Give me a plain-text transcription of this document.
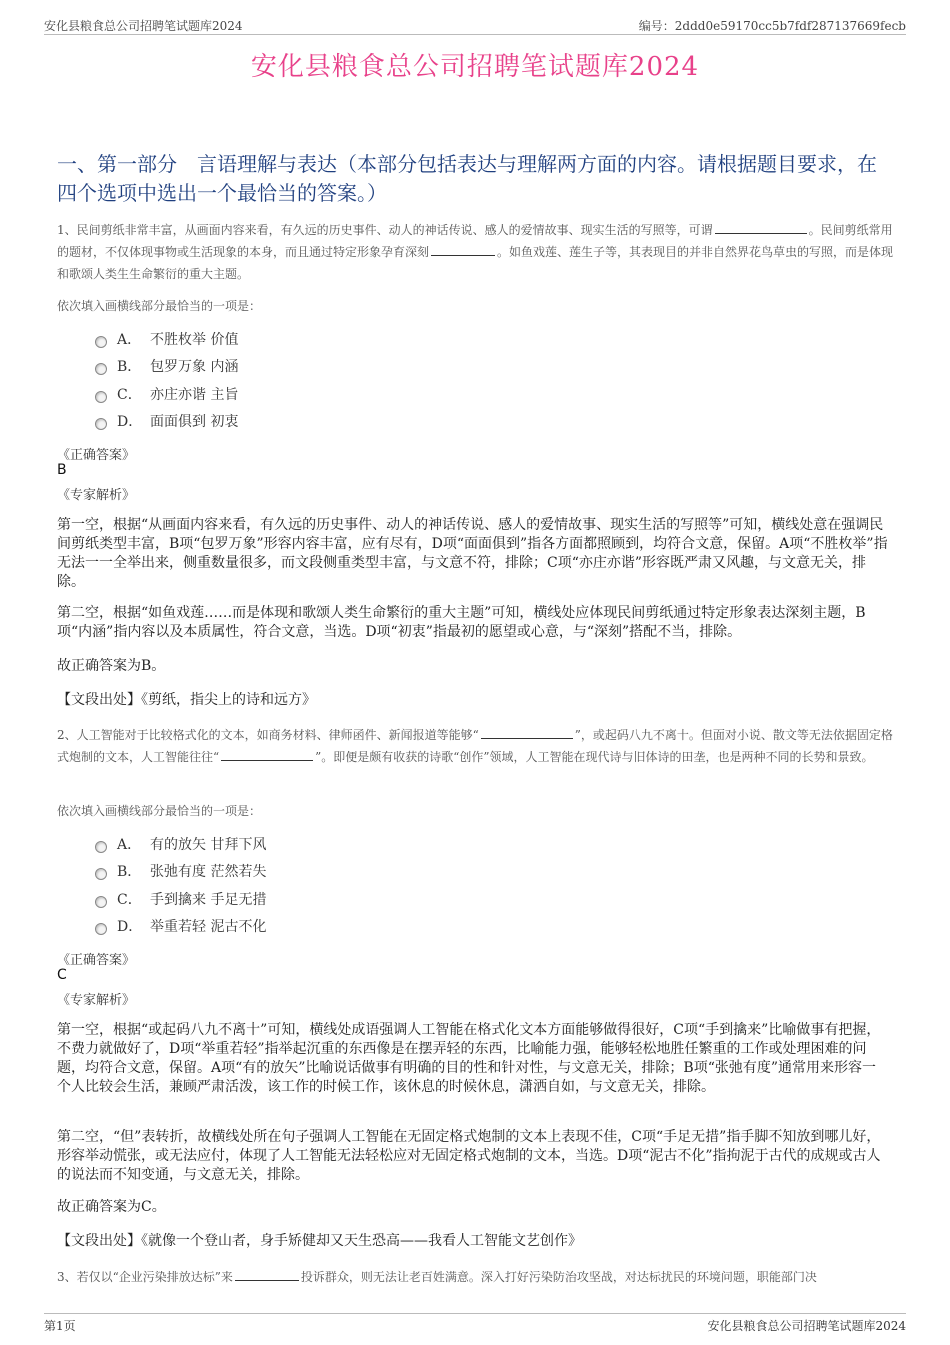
安化县粮食总公司招聘笔试题库2024	编号：2ddd0e59170cc5b7fdf287137669fecb
安化县粮食总公司招聘笔试题库2024
一、第一部分　言语理解与表达（本部分包括表达与理解两方面的内容。请根据题目要求，在四个选项中选出一个最恰当的答案。）
1、民间剪纸非常丰富，从画面内容来看，有久远的历史事件、动人的神话传说、感人的爱情故事、现实生活的写照等，可谓	。民间剪纸常用的题材，不仅体现事物或生活现象的本身，而且通过特定形象孕育深刻	。如鱼戏莲、莲生子等，其表现目的并非自然界花鸟草虫的写照，而是体现和歌颂人类生生命繁衍的重大主题。
依次填入画横线部分最恰当的一项是：
A． 不胜枚举 价值
B． 包罗万象 内涵
C． 亦庄亦谐 主旨
D． 面面俱到 初衷
《正确答案》
B
《专家解析》
第一空，根据“从画面内容来看，有久远的历史事件、动人的神话传说、感人的爱情故事、现实生活的写照等”可知，横线处意在强调民间剪纸类型丰富，B项“包罗万象”形容内容丰富，应有尽有，D项“面面俱到”指各方面都照顾到，均符合文意，保留。A项“不胜枚举”指无法一一全举出来，侧重数量很多，而文段侧重类型丰富，与文意不符，排除；C项“亦庄亦谐”形容既严肃又风趣，与文意无关，排除。
第二空，根据“如鱼戏莲……而是体现和歌颂人类生命繁衍的重大主题”可知，横线处应体现民间剪纸通过特定形象表达深刻主题，B项“内涵”指内容以及本质属性，符合文意，当选。D项“初衷”指最初的愿望或心意，与“深刻”搭配不当，排除。
故正确答案为B。
【文段出处】《剪纸，指尖上的诗和远方》
2、人工智能对于比较格式化的文本，如商务材料、律师函件、新闻报道等能够“	”，或起码八九不离十。但面对小说、散文等无法依据固定格式炮制的文本，人工智能往往“	”。即便是颇有收获的诗歌“创作”领域，人工智能在现代诗与旧体诗的田垄，也是两种不同的长势和景致。
依次填入画横线部分最恰当的一项是：
A． 有的放矢 甘拜下风
B． 张弛有度 茫然若失
C． 手到擒来 手足无措
D． 举重若轻 泥古不化
《正确答案》
C
《专家解析》
第一空，根据“或起码八九不离十”可知，横线处成语强调人工智能在格式化文本方面能够做得很好，C项“手到擒来”比喻做事有把握，不费力就做好了，D项“举重若轻”指举起沉重的东西像是在摆弄轻的东西，比喻能力强，能够轻松地胜任繁重的工作或处理困难的问题，均符合文意，保留。A项“有的放矢”比喻说话做事有明确的目的性和针对性，与文意无关，排除；B项“张弛有度”通常用来形容一个人比较会生活，兼顾严肃活泼，该工作的时候工作，该休息的时候休息，潇洒自如，与文意无关，排除。
第二空，“但”表转折，故横线处所在句子强调人工智能在无固定格式炮制的文本上表现不佳，C项“手足无措”指手脚不知放到哪儿好，形容举动慌张，或无法应付，体现了人工智能无法轻松应对无固定格式炮制的文本，当选。D项“泥古不化”指拘泥于古代的成规或古人的说法而不知变通，与文意无关，排除。
故正确答案为C。
【文段出处】《就像一个登山者，身手矫健却又天生恐高——我看人工智能文艺创作》
3、若仅以“企业污染排放达标”来	投诉群众，则无法让老百姓满意。深入打好污染防治攻坚战，对达标扰民的环境问题，职能部门决
第1页	安化县粮食总公司招聘笔试题库2024
